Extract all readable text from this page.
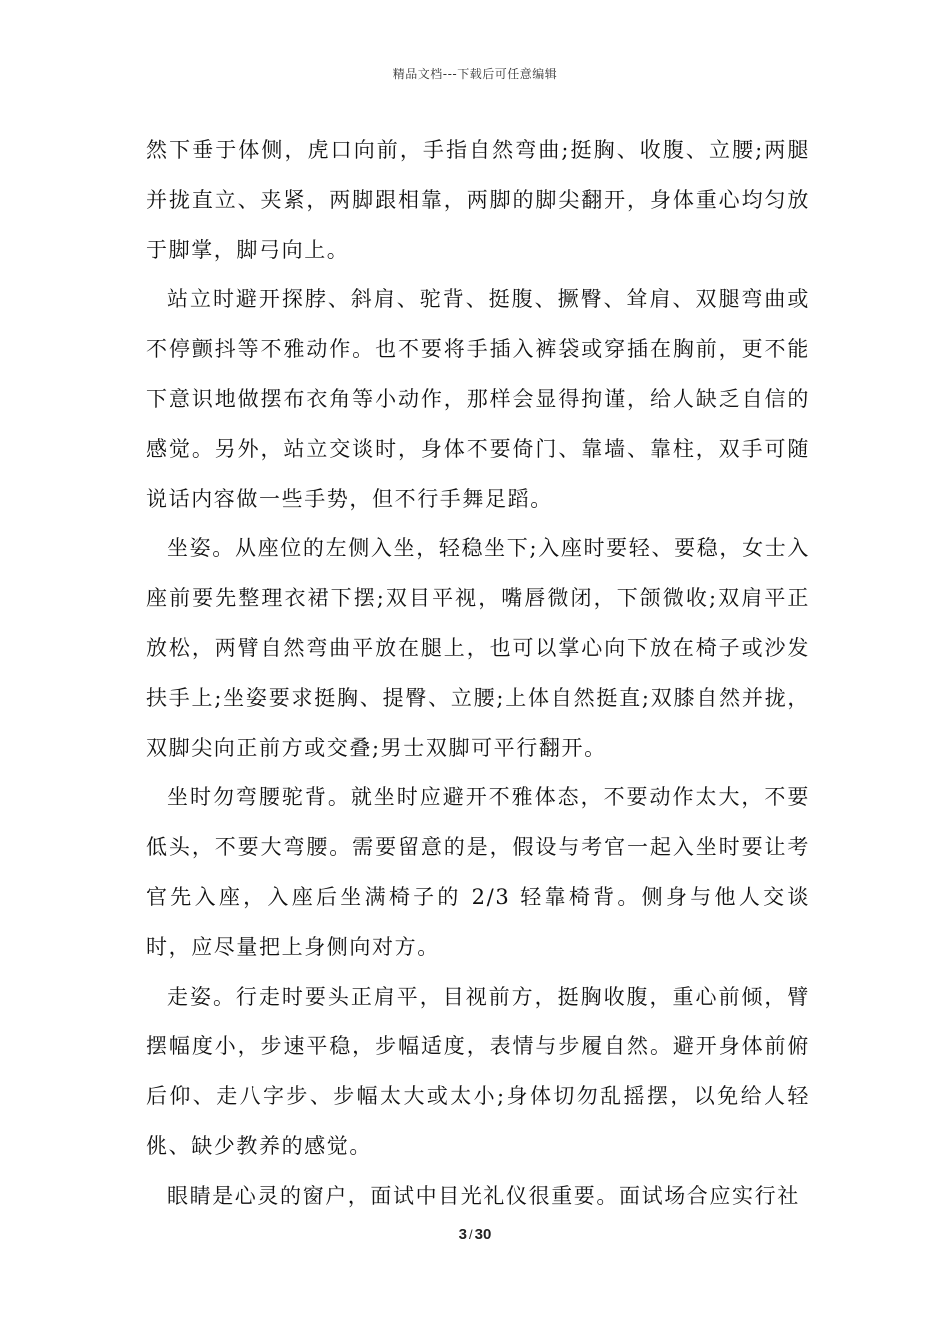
精品文档---下载后可任意编辑

然下垂于体侧，虎口向前，手指自然弯曲;挺胸、收腹、立腰;两腿并拢直立、夹紧，两脚跟相靠，两脚的脚尖翻开，身体重心均匀放于脚掌，脚弓向上。

站立时避开探脖、斜肩、驼背、挺腹、撅臀、耸肩、双腿弯曲或不停颤抖等不雅动作。也不要将手插入裤袋或穿插在胸前，更不能下意识地做摆布衣角等小动作，那样会显得拘谨，给人缺乏自信的感觉。另外，站立交谈时，身体不要倚门、靠墙、靠柱，双手可随说话内容做一些手势，但不行手舞足蹈。

坐姿。从座位的左侧入坐，轻稳坐下;入座时要轻、要稳，女士入座前要先整理衣裙下摆;双目平视，嘴唇微闭，下颌微收;双肩平正放松，两臂自然弯曲平放在腿上，也可以掌心向下放在椅子或沙发扶手上;坐姿要求挺胸、提臀、立腰;上体自然挺直;双膝自然并拢，双脚尖向正前方或交叠;男士双脚可平行翻开。

坐时勿弯腰驼背。就坐时应避开不雅体态，不要动作太大，不要低头，不要大弯腰。需要留意的是，假设与考官一起入坐时要让考官先入座，入座后坐满椅子的 2/3 轻靠椅背。侧身与他人交谈时，应尽量把上身侧向对方。

走姿。行走时要头正肩平，目视前方，挺胸收腹，重心前倾，臂摆幅度小，步速平稳，步幅适度，表情与步履自然。避开身体前俯后仰、走八字步、步幅太大或太小;身体切勿乱摇摆，以免给人轻佻、缺少教养的感觉。

眼睛是心灵的窗户，面试中目光礼仪很重要。面试场合应实行社

3 / 30
